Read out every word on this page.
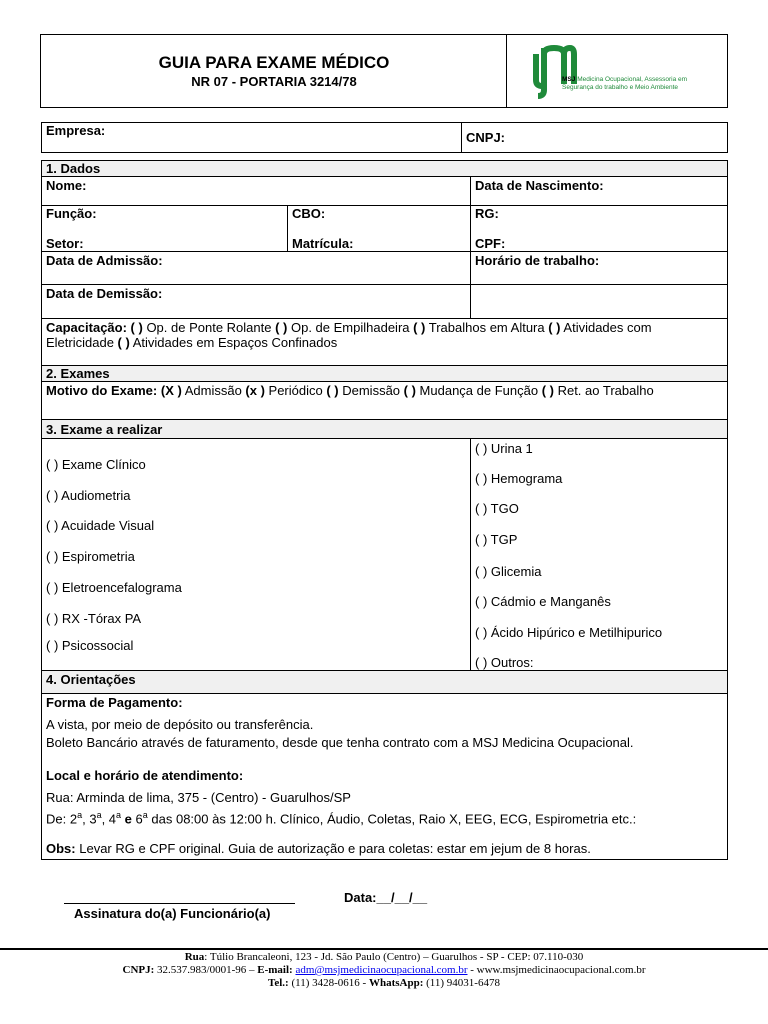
GUIA PARA EXAME MÉDICO
NR 07 - PORTARIA 3214/78	MSJ Medicina Ocupacional, Assessoria em
Segurança do trabalho e Meio Ambiente
Empresa:	CNPJ:
1. Dados
Nome:	Data de Nascimento:
Função:	CBO:	RG:
Setor:	Matrícula:	CPF:
Data de Admissão:	Horário de trabalho:
Data de Demissão:
Capacitação: ( ) Op. de Ponte Rolante ( ) Op. de Empilhadeira ( ) Trabalhos em Altura ( ) Atividades com Eletricidade ( ) Atividades em Espaços Confinados
2. Exames
Motivo do Exame: (X ) Admissão (x ) Periódico ( ) Demissão ( ) Mudança de Função ( ) Ret. ao Trabalho
3. Exame a realizar
( ) Exame Clínico
( ) Audiometria
( ) Acuidade Visual
( ) Espirometria
( ) Eletroencefalograma
( ) RX -Tórax PA
( ) Psicossocial
( ) Urina 1
( ) Hemograma
( ) TGO
( ) TGP
( ) Glicemia
( ) Cádmio e Manganês
( ) Ácido Hipúrico e Metilhipurico
( ) Outros:
4. Orientações
Forma de Pagamento:
A vista, por meio de depósito ou transferência.
Boleto Bancário através de faturamento, desde que tenha contrato com a MSJ Medicina Ocupacional.
Local e horário de atendimento:
Rua: Arminda de lima, 375 - (Centro) - Guarulhos/SP
De: 2$^a$, 3$^a$, 4$^a$ e 6$^a$ das 08:00 às 12:00 h. Clínico, Áudio, Coletas, Raio X, EEG, ECG, Espirometria etc.:
Obs: Levar RG e CPF original. Guia de autorização e para coletas: estar em jejum de 8 horas.
Assinatura do(a) Funcionário(a)
Data:__/__/__
Rua: Túlio Brancaleoni, 123 - Jd. São Paulo (Centro) – Guarulhos - SP - CEP: 07.110-030
CNPJ: 32.537.983/0001-96 – E-mail: adm@msjmedicinaocupacional.com.br - www.msjmedicinaocupacional.com.br
Tel.: (11) 3428-0616 - WhatsApp: (11) 94031-6478
